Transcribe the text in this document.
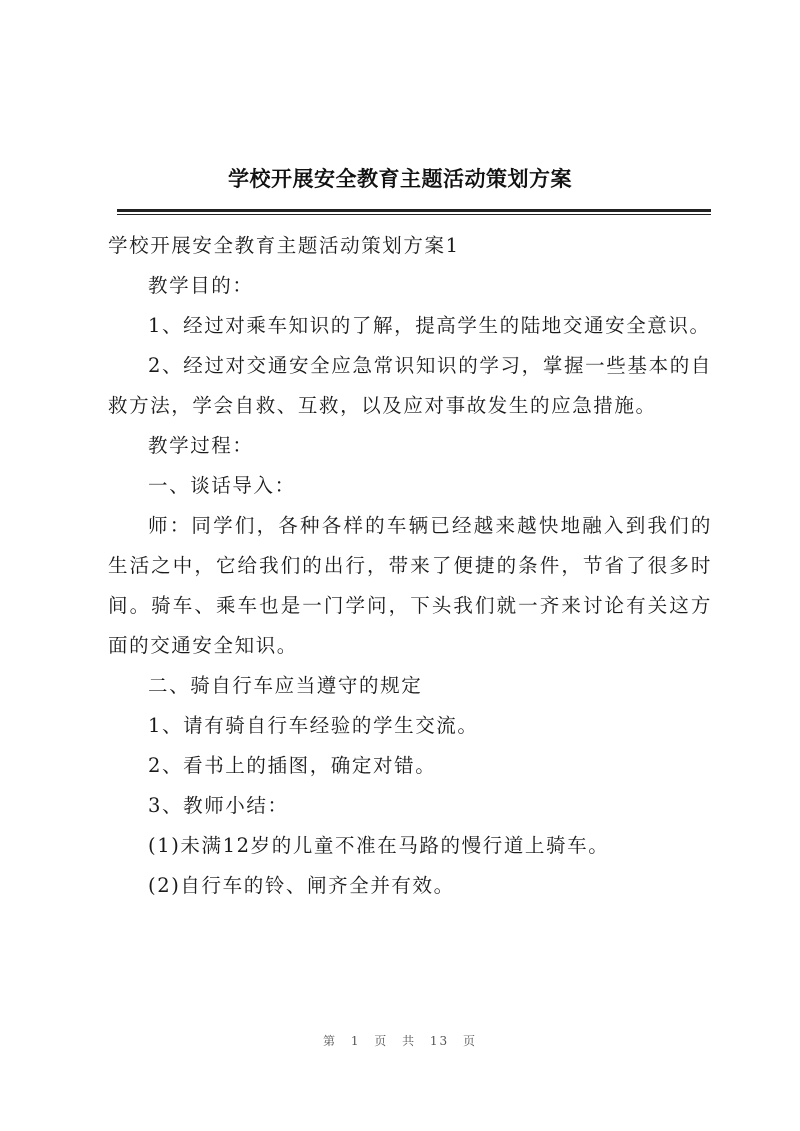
学校开展安全教育主题活动策划方案

学校开展安全教育主题活动策划方案1

教学目的：

1、经过对乘车知识的了解，提高学生的陆地交通安全意识。

2、经过对交通安全应急常识知识的学习，掌握一些基本的自救方法，学会自救、互救，以及应对事故发生的应急措施。

教学过程：

一、谈话导入：

师：同学们，各种各样的车辆已经越来越快地融入到我们的生活之中，它给我们的出行，带来了便捷的条件，节省了很多时间。骑车、乘车也是一门学问，下头我们就一齐来讨论有关这方面的交通安全知识。

二、骑自行车应当遵守的规定

1、请有骑自行车经验的学生交流。

2、看书上的插图，确定对错。

3、教师小结：

(1)未满12岁的儿童不准在马路的慢行道上骑车。

(2)自行车的铃、闸齐全并有效。

第 1 页 共 13 页
